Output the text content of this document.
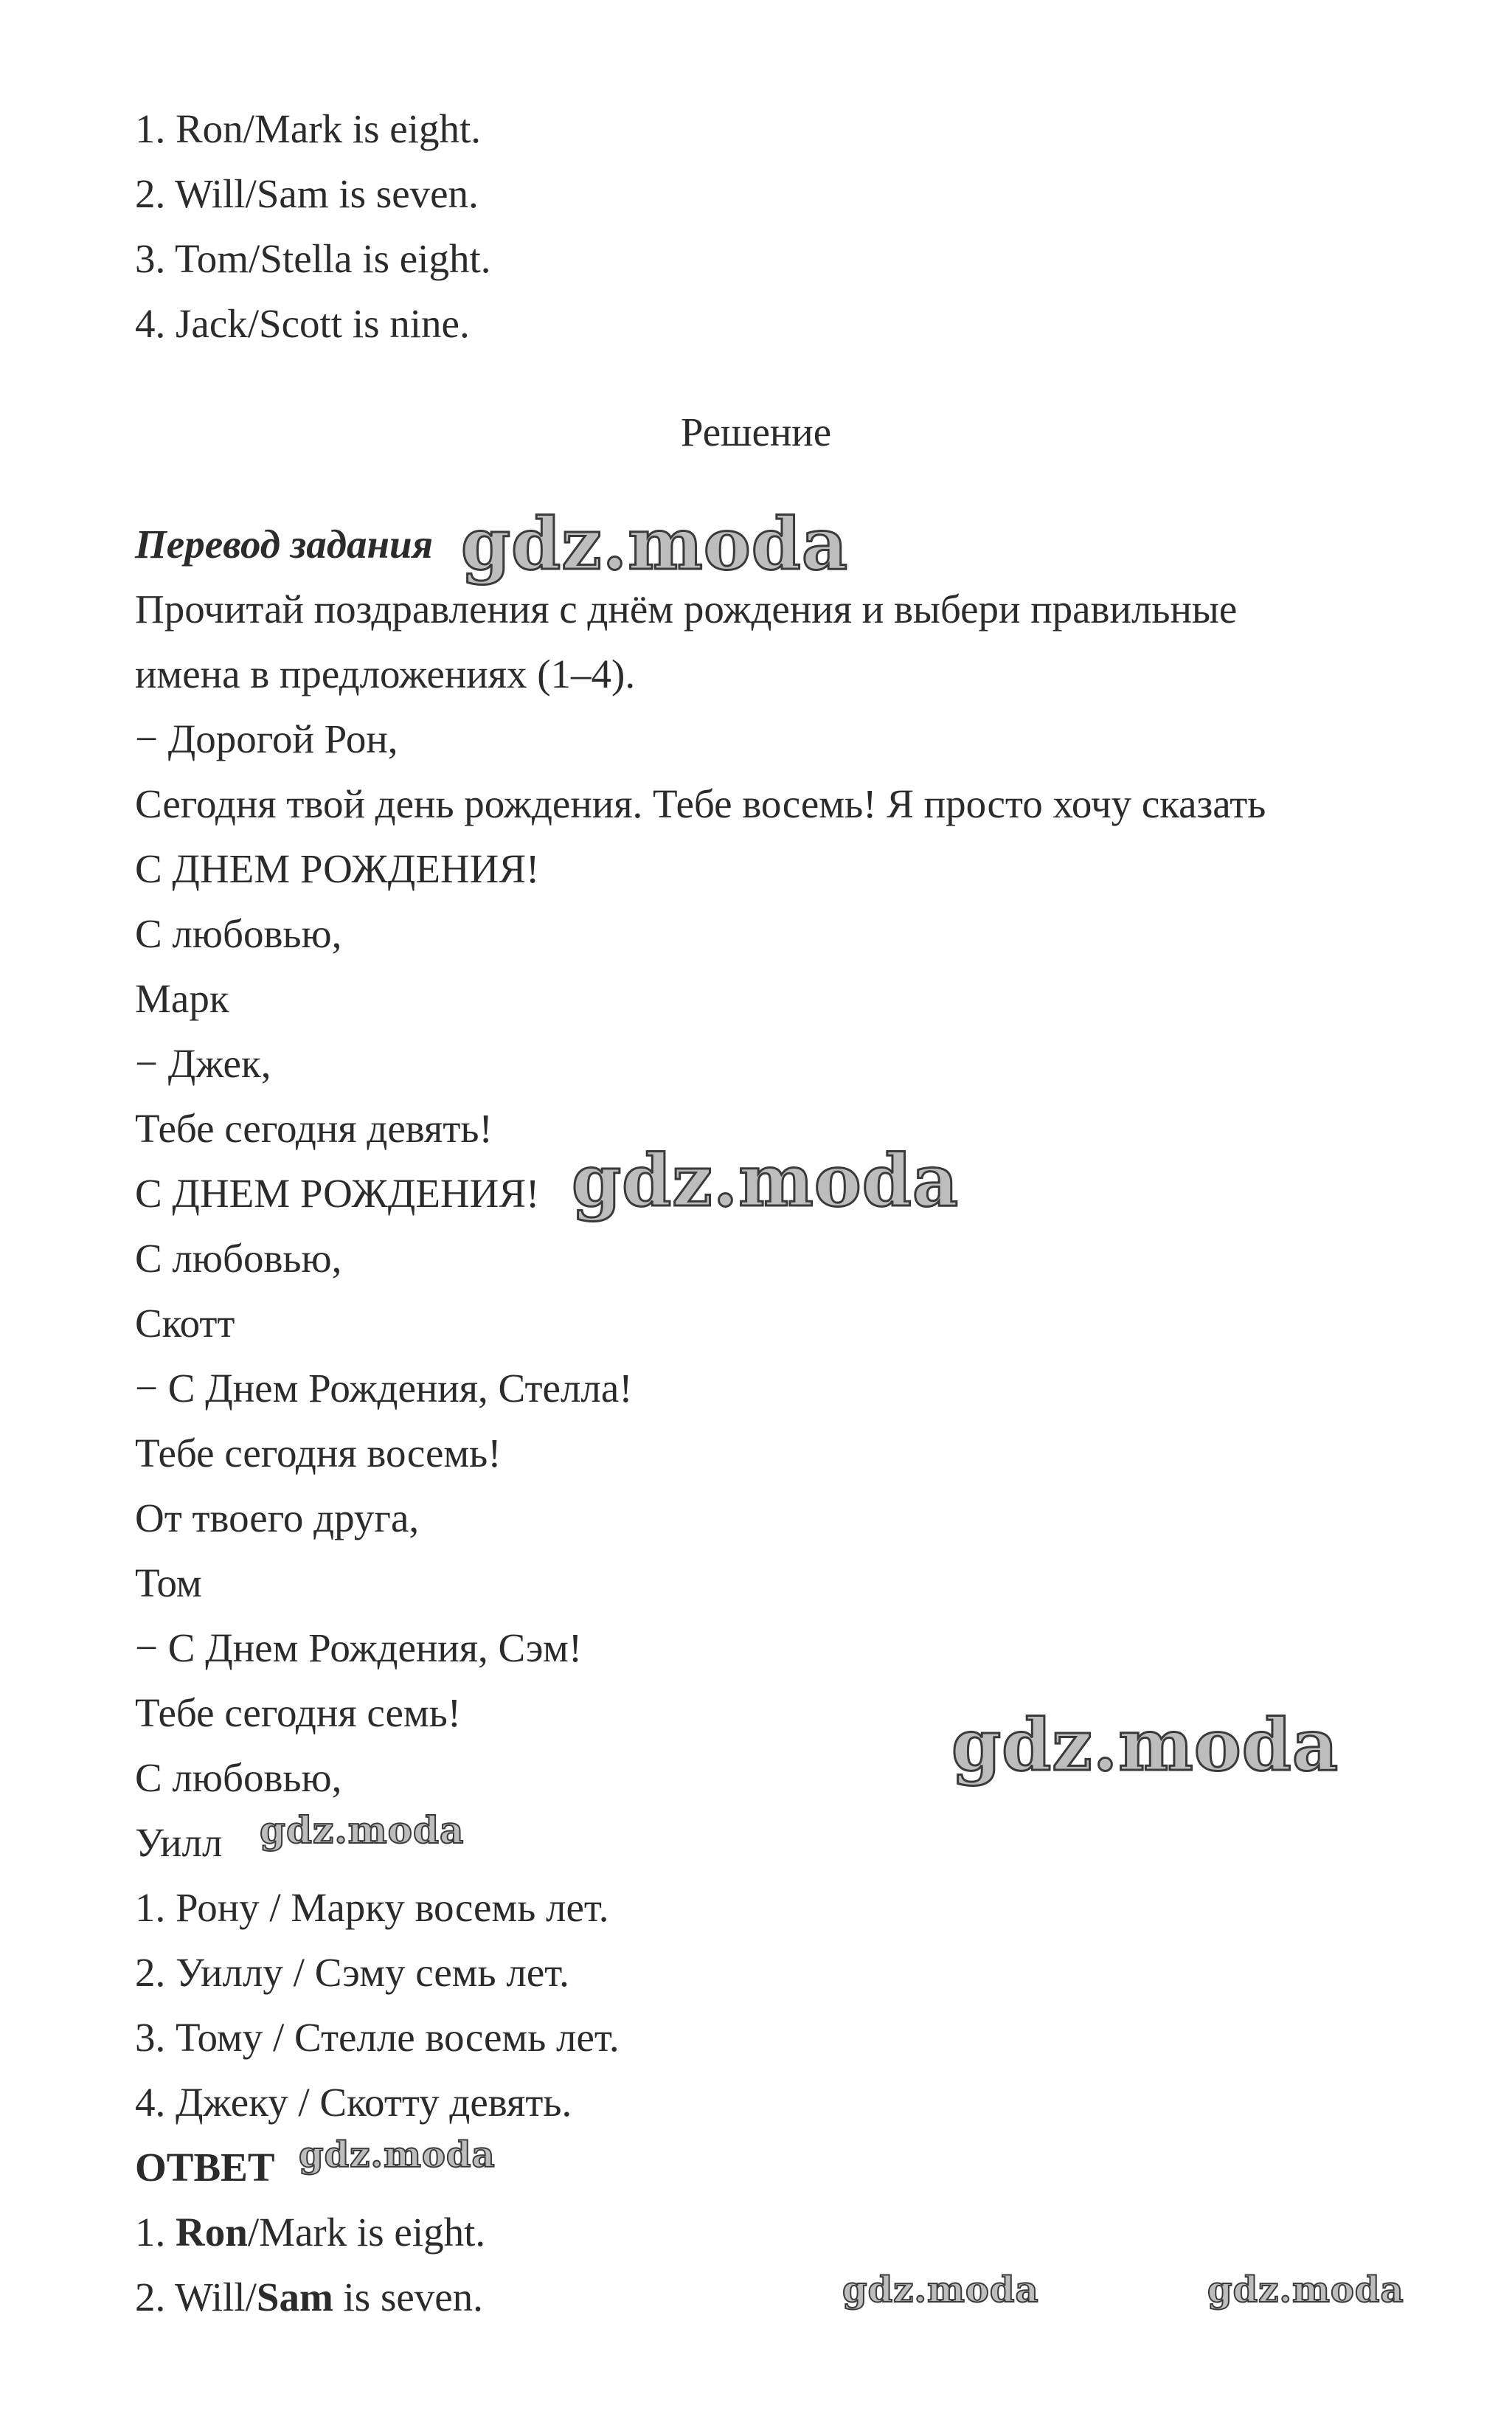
1. Ron/Mark is eight.
2. Will/Sam is seven.
3. Tom/Stella is eight.
4. Jack/Scott is nine.
Решение
Перевод задания
Прочитай поздравления с днём рождения и выбери правильные
имена в предложениях (1–4).
− Дорогой Рон,
Сегодня твой день рождения. Тебе восемь! Я просто хочу сказать
С ДНЕМ РОЖДЕНИЯ!
С любовью,
Марк
− Джек,
Тебе сегодня девять!
С ДНЕМ РОЖДЕНИЯ!
С любовью,
Скотт
− С Днем Рождения, Стелла!
Тебе сегодня восемь!
От твоего друга,
Том
− С Днем Рождения, Сэм!
Тебе сегодня семь!
С любовью,
Уилл
1. Рону / Марку восемь лет.
2. Уиллу / Сэму семь лет.
3. Тому / Стелле восемь лет.
4. Джеку / Скотту девять.
ОТВЕТ
1. Ron/Mark is eight.
2. Will/Sam is seven.
gdz.moda
gdz.moda
gdz.moda
gdz.moda
gdz.moda
gdz.moda	gdz.moda
